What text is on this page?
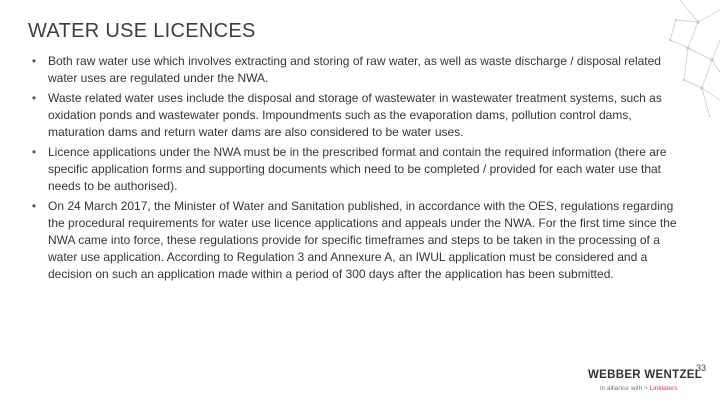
WATER USE LICENCES
• Both raw water use which involves extracting and storing of raw water, as well as waste discharge / disposal related water uses are regulated under the NWA.
• Waste related water uses include the disposal and storage of wastewater in wastewater treatment systems, such as oxidation ponds and wastewater ponds. Impoundments such as the evaporation dams, pollution control dams, maturation dams and return water dams are also considered to be water uses.
• Licence applications under the NWA must be in the prescribed format and contain the required information (there are specific application forms and supporting documents which need to be completed / provided for each water use that needs to be authorised).
• On 24 March 2017, the Minister of Water and Sanitation published, in accordance with the OES, regulations regarding the procedural requirements for water use licence applications and appeals under the NWA. For the first time since the NWA came into force, these regulations provide for specific timeframes and steps to be taken in the processing of a water use application. According to Regulation 3 and Annexure A, an IWUL application must be considered and a decision on such an application made within a period of 300 days after the application has been submitted.
33
WEBBER WENTZEL
in alliance with > Linklaters
